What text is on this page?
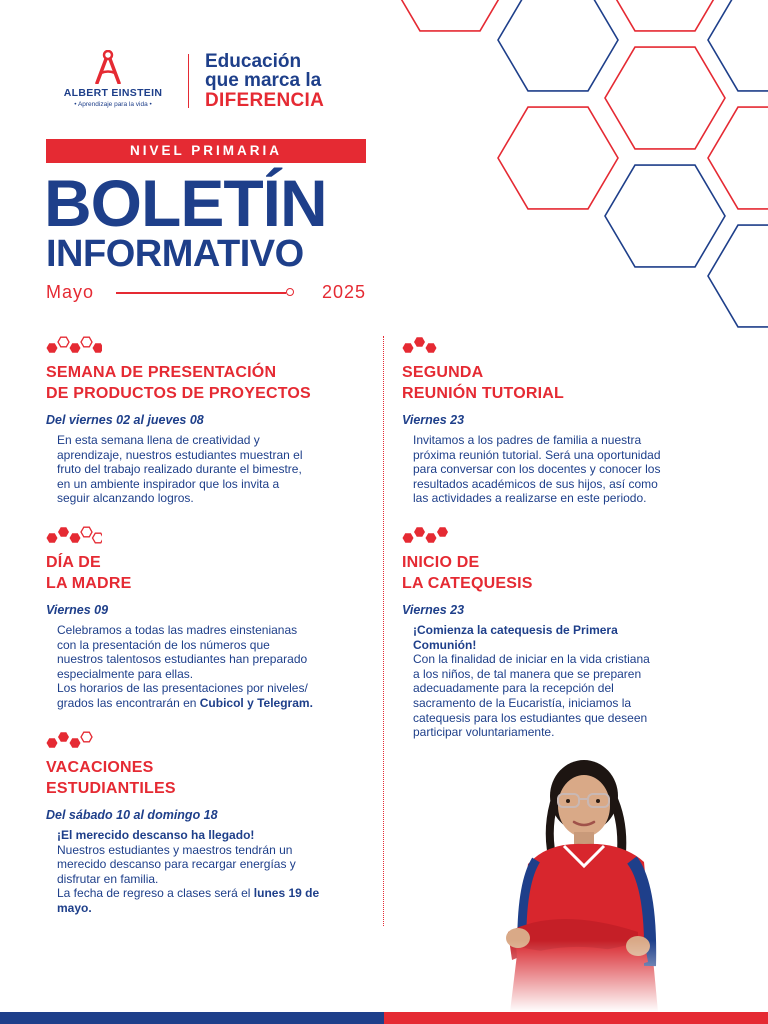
ALBERT EINSTEIN
• Aprendizaje para la vida •
Educación
que marca la
DIFERENCIA
NIVEL PRIMARIA
BOLETÍN
INFORMATIVO
Mayo	2025
SEMANA DE PRESENTACIÓN
DE PRODUCTOS DE PROYECTOS
Del viernes 02 al jueves 08

En esta semana llena de creatividad y

aprendizaje, nuestros estudiantes muestran el

fruto del trabajo realizado durante el bimestre,

en un ambiente inspirador que los invita a

seguir alcanzando logros.

DÍA DE
LA MADRE
Viernes 09

Celebramos a todas las madres einstenianas

con la presentación de los números que

nuestros talentosos estudiantes han preparado

especialmente para ellas.

Los horarios de las presentaciones por niveles/

grados las encontrarán en Cubicol y Telegram.

VACACIONES
ESTUDIANTILES
Del sábado 10 al domingo 18

¡El merecido descanso ha llegado!

Nuestros estudiantes y maestros tendrán un

merecido descanso para recargar energías y

disfrutar en familia.

La fecha de regreso a clases será el lunes 19 de

mayo.

SEGUNDA
REUNIÓN TUTORIAL
Viernes 23

Invitamos a los padres de familia a nuestra

próxima reunión tutorial. Será una oportunidad

para conversar con los docentes y conocer los

resultados académicos de sus hijos, así como

las actividades a realizarse en este periodo.

INICIO DE
LA CATEQUESIS
Viernes 23

¡Comienza la catequesis de Primera

Comunión!

Con la finalidad de iniciar en la vida cristiana

a los niños, de tal manera que se preparen

adecuadamente para la recepción del

sacramento de la Eucaristía, iniciamos la

catequesis para los estudiantes que deseen

participar voluntariamente.
